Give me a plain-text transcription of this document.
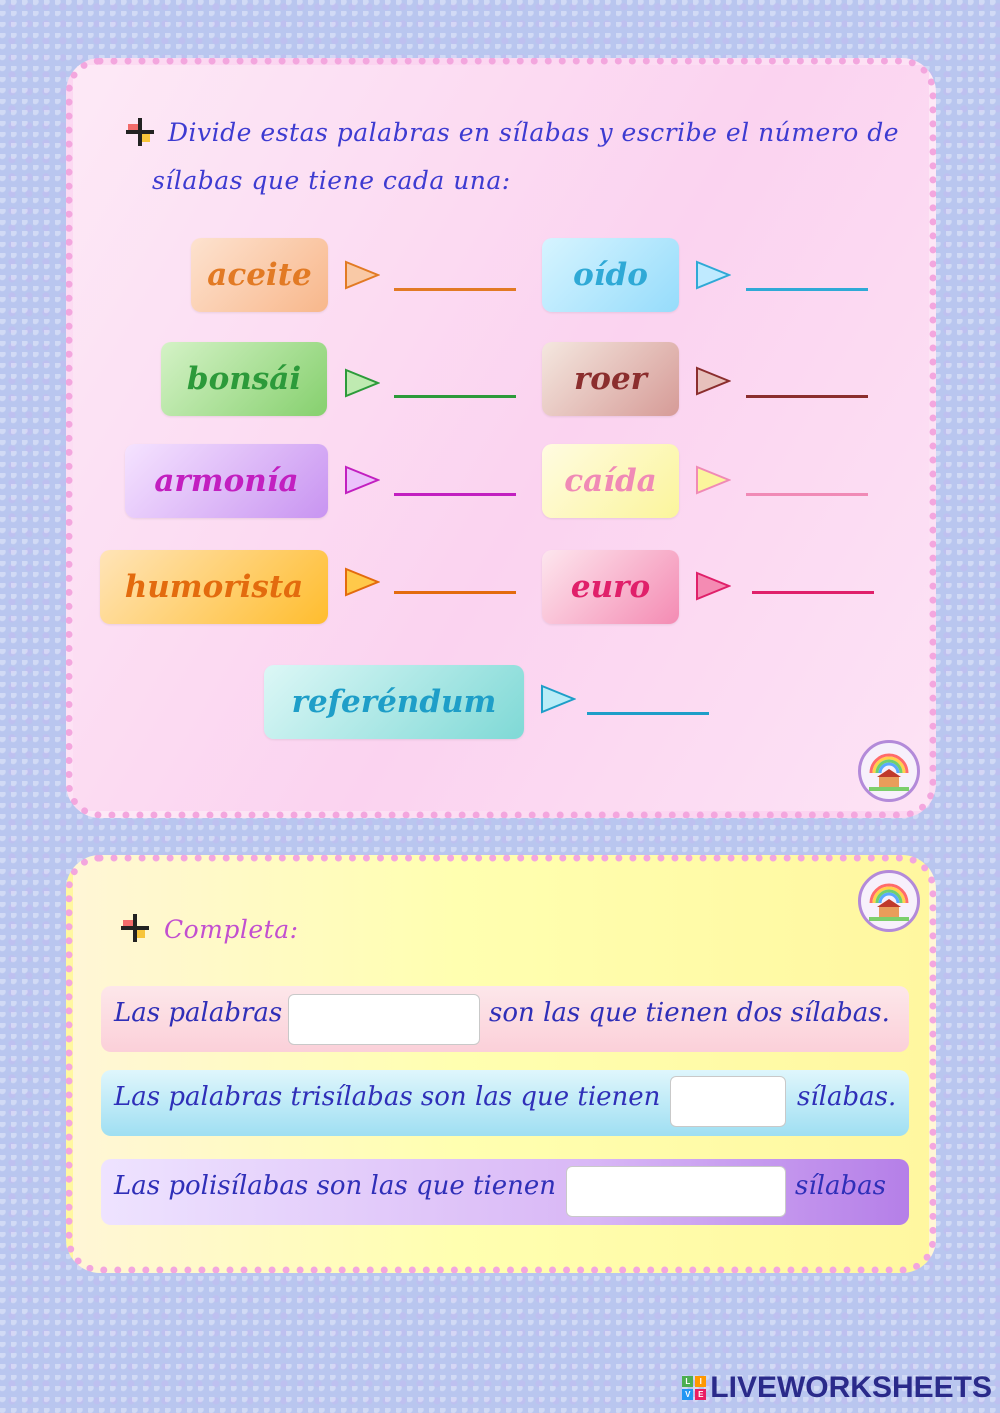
Divide estas palabras en sílabas y escribe el número de
sílabas que tiene cada una:
aceite	oído
bonsái	roer
armonía	caída
humorista	euro
referéndum
Completa:
Las palabras	son las que tienen dos sílabas.
Las palabras trisílabas son las que tienen	sílabas.
Las polisílabas son las que tienen	sílabas
L	I
V E LIVEWORKSHEETS
